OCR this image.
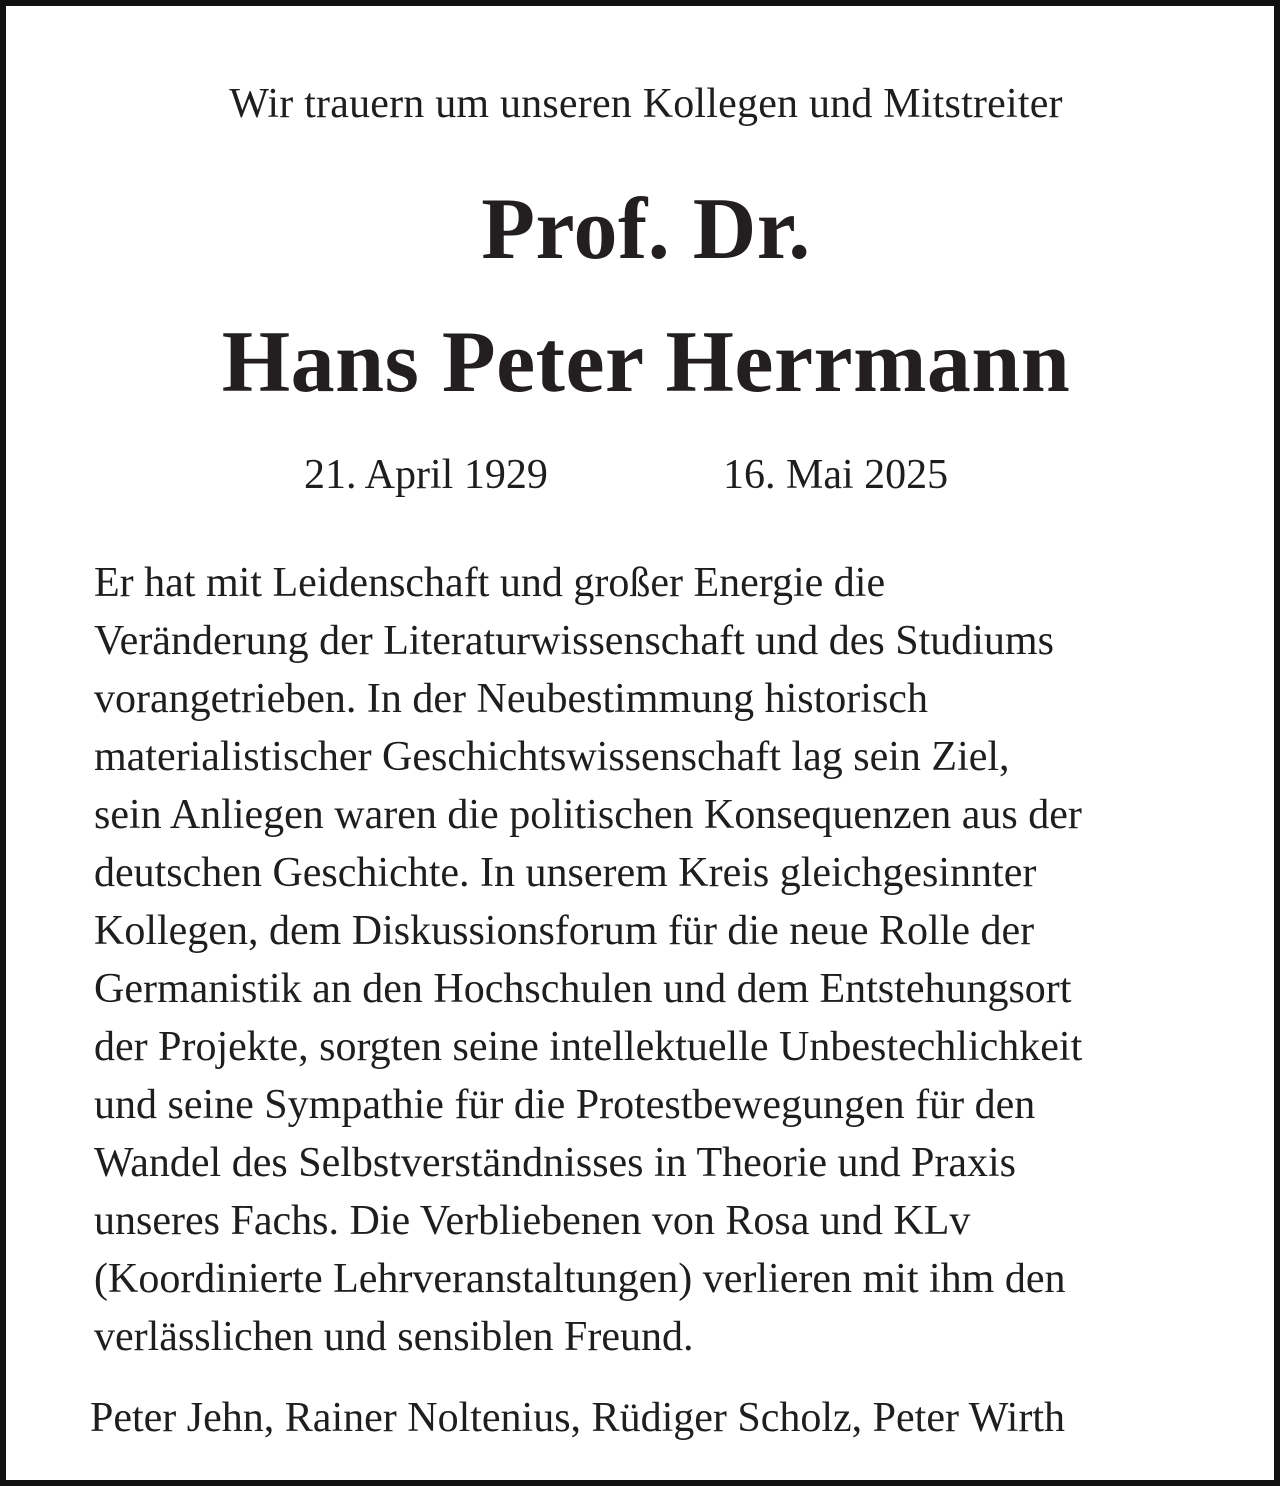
Wir trauern um unseren Kollegen und Mitstreiter
Prof. Dr.
Hans Peter Herrmann
21. April 1929	16. Mai 2025
Er hat mit Leidenschaft und großer Energie die
Veränderung der Literaturwissenschaft und des Studiums
vorangetrieben. In der Neubestimmung historisch
materialistischer Geschichtswissenschaft lag sein Ziel,
sein Anliegen waren die politischen Konsequenzen aus der
deutschen Geschichte. In unserem Kreis gleichgesinnter
Kollegen, dem Diskussionsforum für die neue Rolle der
Germanistik an den Hochschulen und dem Entstehungsort
der Projekte, sorgten seine intellektuelle Unbestechlichkeit
und seine Sympathie für die Protestbewegungen für den
Wandel des Selbstverständnisses in Theorie und Praxis
unseres Fachs. Die Verbliebenen von Rosa und KLv
(Koordinierte Lehrveranstaltungen) verlieren mit ihm den
verlässlichen und sensiblen Freund.
Peter Jehn, Rainer Noltenius, Rüdiger Scholz, Peter Wirth
